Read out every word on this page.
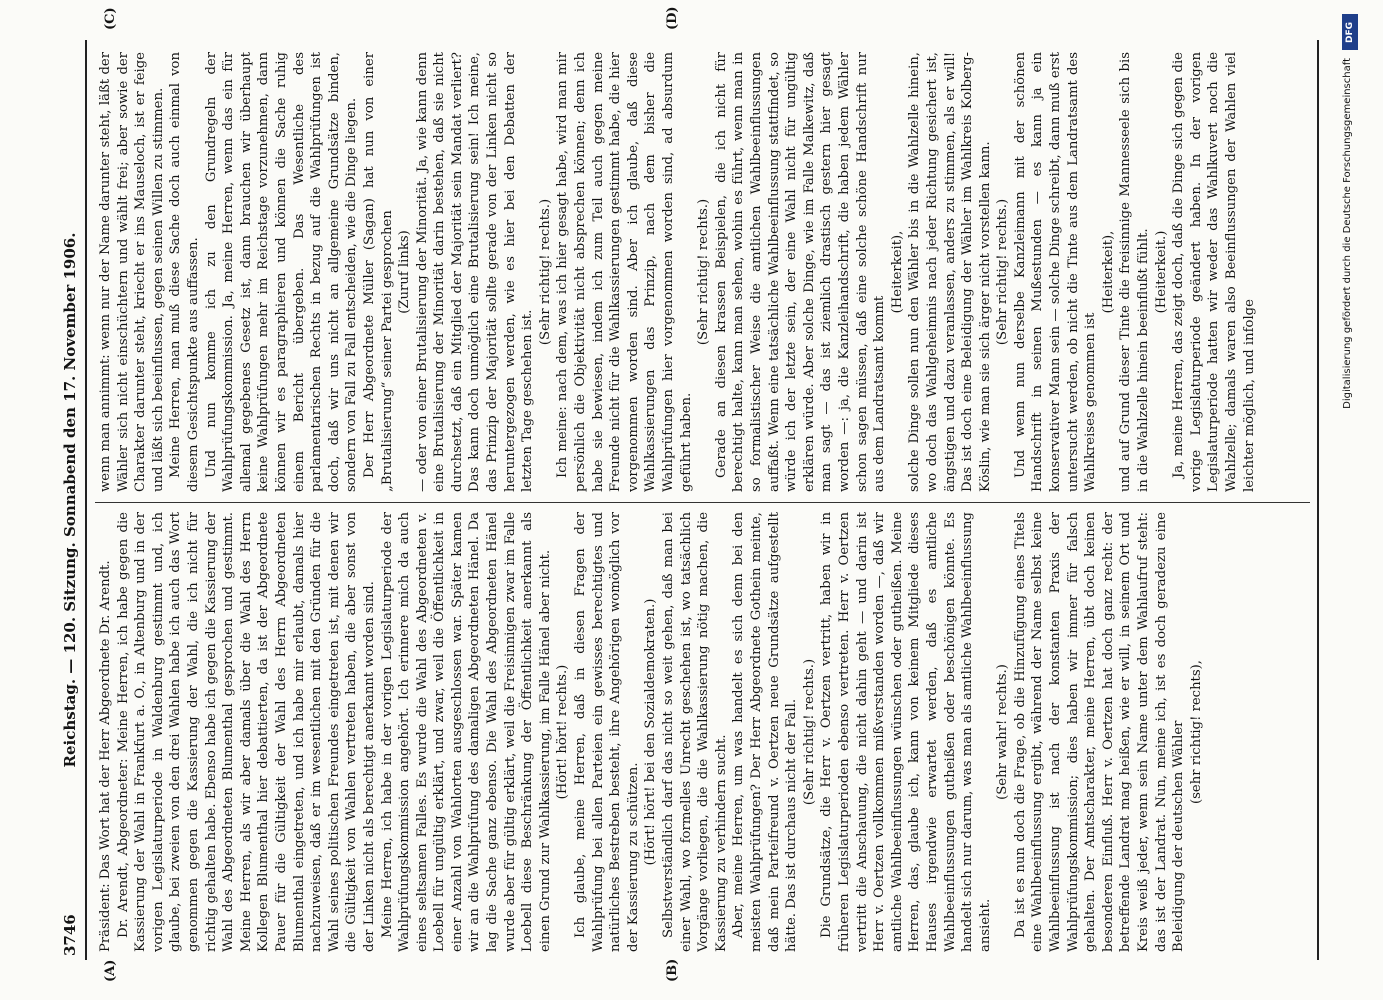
3746
Reichstag. — 120. Sitzung. Sonnabend den 17. November 1906.
(A)	(B)
(C)	(D)

Präsident: Das Wort hat der Herr Abgeordnete Dr. Arendt. Dr. Arendt, Abgeordneter: Meine Herren, ich habe gegen die Kassierung der Wahl in Frankfurt a. O., in Altenburg und in der vorigen Legislaturperiode in Waldenburg gestimmt und, ich glaube, bei zweien von den drei Wahlen habe ich auch das Wort genommen gegen die Kassierung der Wahl, die ich nicht für richtig gehalten habe. Ebenso habe ich gegen die Kassierung der Wahl des Abgeordneten Blumenthal gesprochen und gestimmt. Meine Herren, als wir aber damals über die Wahl des Herrn Kollegen Blumenthal hier debattierten, da ist der Abgeordnete Pauer für die Gültigkeit der Wahl des Herrn Abgeordneten Blumenthal eingetreten, und ich habe mir erlaubt, damals hier nachzuweisen, daß er im wesentlichen mit den Gründen für die Wahl seines politischen Freundes eingetreten ist, mit denen wir die Gültigkeit von Wahlen vertreten haben, die aber sonst von der Linken nicht als berechtigt anerkannt worden sind. Meine Herren, ich habe in der vorigen Legislaturperiode der Wahlprüfungskommission angehört. Ich erinnere mich da auch eines seltsamen Falles. Es wurde die Wahl des Abgeordneten v. Loebell für ungültig erklärt, und zwar, weil die Öffentlichkeit in einer Anzahl von Wahlorten ausgeschlossen war. Später kamen wir an die Wahlprüfung des damaligen Abgeordneten Hänel. Da lag die Sache ganz ebenso. Die Wahl des Abgeordneten Hänel wurde aber für gültig erklärt, weil die Freisinnigen zwar im Falle Loebell diese Beschränkung der Öffentlichkeit anerkannt als einen Grund zur Wahlkassierung, im Falle Hänel aber nicht. (Hört! hört! rechts.) Ich glaube, meine Herren, daß in diesen Fragen der Wahlprüfung bei allen Parteien ein gewisses berechtigtes und natürliches Bestreben besteht, ihre Angehörigen womöglich vor der Kassierung zu schützen. (Hört! hört! bei den Sozialdemokraten.) Selbstverständlich darf das nicht so weit gehen, daß man bei einer Wahl, wo formelles Unrecht geschehen ist, wo tatsächlich Vorgänge vorliegen, die die Wahlkassierung nötig machen, die Kassierung zu verhindern sucht. Aber, meine Herren, um was handelt es sich denn bei den meisten Wahlprüfungen? Der Herr Abgeordnete Gothein meinte, daß mein Parteifreund v. Oertzen neue Grundsätze aufgestellt hätte. Das ist durchaus nicht der Fall. (Sehr richtig! rechts.) Die Grundsätze, die Herr v. Oertzen vertritt, haben wir in früheren Legislaturperioden ebenso vertreten. Herr v. Oertzen vertritt die Anschauung, die nicht dahin geht — und darin ist Herr v. Oertzen vollkommen mißverstanden worden —, daß wir amtliche Wahlbeeinflussungen wünschen oder gutheißen. Meine Herren, das, glaube ich, kann von keinem Mitgliede dieses Hauses irgendwie erwartet werden, daß es amtliche Wahlbeeinflussungen gutheißen oder beschönigen könnte. Es handelt sich nur darum, was man als amtliche Wahlbeeinflussung ansieht.

(Sehr wahr! rechts.) Da ist es nun doch die Frage, ob die Hinzufügung eines Titels eine Wahlbeeinflussung ergibt, während der Name selbst keine Wahlbeeinflussung ist nach der konstanten Praxis der Wahlprüfungskommission; dies haben wir immer für falsch gehalten. Der Amtscharakter, meine Herren, übt doch keinen besonderen Einfluß. Herr v. Oertzen hat doch ganz recht: der betreffende Landrat mag heißen, wie er will, in seinem Ort und Kreis weiß jeder, wenn sein Name unter dem Wahlaufruf steht: das ist der Landrat. Nun, meine ich, ist es doch geradezu eine Beleidigung der deutschen Wähler (sehr richtig! rechts),

wenn man annimmt: wenn nur der Name darunter steht, läßt der Wähler sich nicht einschüchtern und wählt frei; aber sowie der Charakter darunter steht, kriecht er ins Mauseloch, ist er feige und läßt sich beeinflussen, gegen seinen Willen zu stimmen. Meine Herren, man muß diese Sache doch auch einmal von diesem Gesichtspunkte aus auffassen. Und nun komme ich zu den Grundregeln der Wahlprüfungskommission. Ja, meine Herren, wenn das ein für allemal gegebenes Gesetz ist, dann brauchen wir überhaupt keine Wahlprüfungen mehr im Reichstage vorzunehmen, dann können wir es paragraphieren und können die Sache ruhig einem Bericht übergeben. Das Wesentliche des parlamentarischen Rechts in bezug auf die Wahlprüfungen ist doch, daß wir uns nicht an allgemeine Grundsätze binden, sondern von Fall zu Fall entscheiden, wie die Dinge liegen. Der Herr Abgeordnete Müller (Sagan) hat nun von einer „Brutalisierung“ seiner Partei gesprochen (Zuruf links) — oder von einer Brutalisierung der Minorität. Ja, wie kann denn eine Brutalisierung der Minorität darin bestehen, daß sie nicht durchsetzt, daß ein Mitglied der Majorität sein Mandat verliert? Das kann doch unmöglich eine Brutalisierung sein! Ich meine, das Prinzip der Majorität sollte gerade von der Linken nicht so heruntergezogen werden, wie es hier bei den Debatten der letzten Tage geschehen ist.

(Sehr richtig! rechts.) Ich meine: nach dem, was ich hier gesagt habe, wird man mir persönlich die Objektivität nicht absprechen können; denn ich habe sie bewiesen, indem ich zum Teil auch gegen meine Freunde nicht für die Wahlkassierungen gestimmt habe, die hier vorgenommen worden sind. Aber ich glaube, daß diese Wahlkassierungen das Prinzip, nach dem bisher die Wahlprüfungen hier vorgenommen worden sind, ad absurdum geführt haben.

(Sehr richtig! rechts.) Gerade an diesen krassen Beispielen, die ich nicht für berechtigt halte, kann man sehen, wohin es führt, wenn man in so formalistischer Weise die amtlichen Wahlbeeinflussungen auffaßt. Wenn eine tatsächliche Wahlbeeinflussung stattfindet, so würde ich der letzte sein, der eine Wahl nicht für ungültig erklären würde. Aber solche Dinge, wie im Falle Malkewitz, daß man sagt — das ist ziemlich drastisch gestern hier gesagt worden —: ja, die Kanzleihandschrift, die haben jedem Wähler schon sagen müssen, daß eine solche schöne Handschrift nur aus dem Landratsamt kommt

(Heiterkeit), solche Dinge sollen nun den Wähler bis in die Wahlzelle hinein, wo doch das Wahlgeheimnis nach jeder Richtung gesichert ist, ängstigen und dazu veranlassen, anders zu stimmen, als er will! Das ist doch eine Beleidigung der Wähler im Wahlkreis Kolberg-Köslin, wie man sie sich ärger nicht vorstellen kann. (Sehr richtig! rechts.) Und wenn nun derselbe Kanzleimann mit der schönen Handschrift in seinen Mußestunden — es kann ja ein konservativer Mann sein — solche Dinge schreibt, dann muß erst untersucht werden, ob nicht die Tinte aus dem Landratsamt des Wahlkreises genommen ist

(Heiterkeit), und auf Grund dieser Tinte die freisinnige Mannesseele sich bis in die Wahlzelle hinein beeinflußt fühlt. (Heiterkeit.) Ja, meine Herren, das zeigt doch, daß die Dinge sich gegen die vorige Legislaturperiode geändert haben. In der vorigen Legislaturperiode hatten wir weder das Wahlkuvert noch die Wahlzelle; damals waren also Beeinflussungen der Wahlen viel leichter möglich, und infolge

DFG
Digitalisierung gefördert durch die Deutsche Forschungsgemeinschaft
